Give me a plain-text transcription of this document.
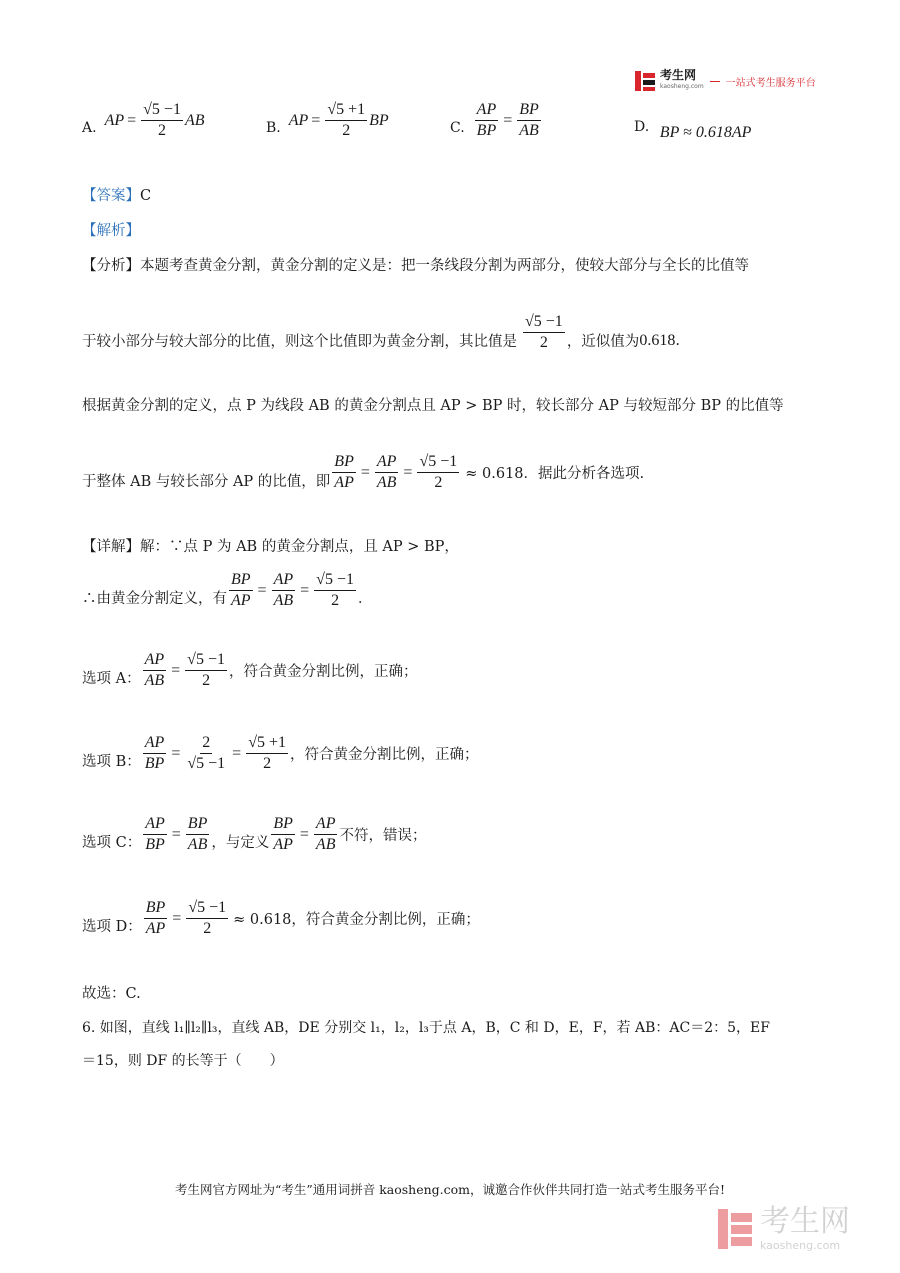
考生网
kaosheng.com 一站式考生服务平台
A. AP = $\frac{√5 -1}{2}$ AB	B. AP = $\frac{√5 +1}{2}$ BP	C. $\frac{AP}{BP} = \frac{BP}{AB}$	D. BP ≈ 0.618AP
【答案】C
【解析】
【分析】本题考查黄金分割，黄金分割的定义是：把一条线段分割为两部分，使较大部分与全长的比值等
于较小部分与较大部分的比值，则这个比值即为黄金分割，其比值是 $\frac{√5 -1}{2}$ ，近似值为 0.618 .
根据黄金分割的定义，点 P 为线段 AB 的黄金分割点且 AP > BP 时，较长部分 AP 与较短部分 BP 的比值等
于整体 AB 与较长部分 AP 的比值，即 $\frac{BP}{AP} = \frac{AP}{AB} = \frac{√5 -1}{2} \approx 0.618$．据此分析各选项.
【详解】解：∵点 P 为 AB 的黄金分割点，且 AP > BP，
∴由黄金分割定义，有 $\frac{BP}{AP} = \frac{AP}{AB} = \frac{√5 -1}{2}$ ．
选项 A： $\frac{AP}{AB} = \frac{√5 -1}{2}$ ，符合黄金分割比例，正确；
选项 B： $\frac{AP}{BP} = \frac{2}{√5 -1} = \frac{√5 +1}{2}$ ，符合黄金分割比例，正确；
选项 C： $\frac{AP}{BP} = \frac{BP}{AB}$ ，与定义 $\frac{BP}{AP} = \frac{AP}{AB}$ 不符，错误；
选项 D： $\frac{BP}{AP} = \frac{√5 -1}{2} \approx 0.618$，符合黄金分割比例，正确；
故选：C.
6. 如图，直线 l₁∥l₂∥l₃，直线 AB，DE 分别交 l₁，l₂，l₃于点 A，B，C 和 D，E，F，若 AB：AC＝2：5，EF
＝15，则 DF 的长等于（　　）
考生网官方网址为“考生”通用词拼音 kaosheng.com，诚邀合作伙伴共同打造一站式考生服务平台!
考生网
kaosheng.com
